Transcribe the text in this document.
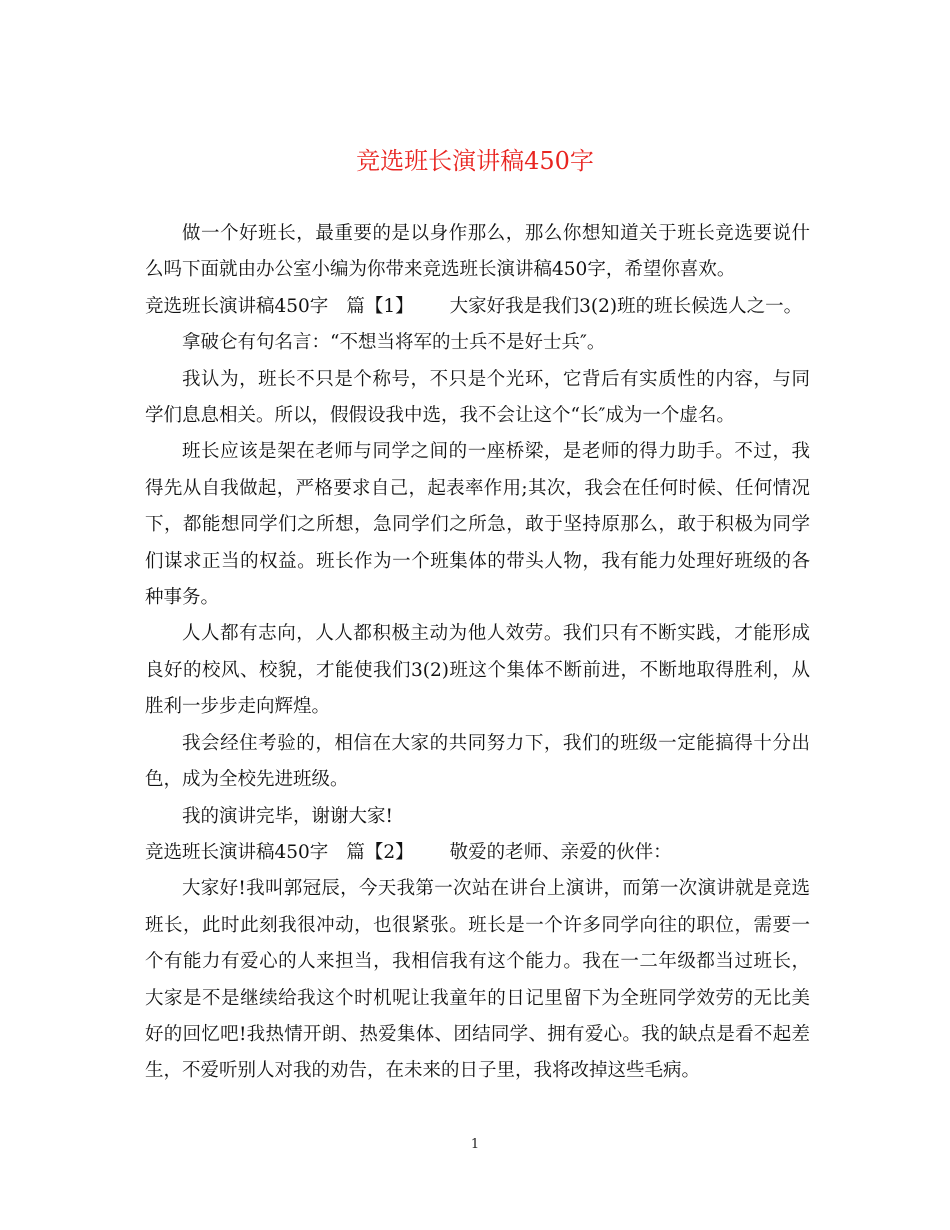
竞选班长演讲稿450字

做一个好班长，最重要的是以身作那么，那么你想知道关于班长竞选要说什么吗下面就由办公室小编为你带来竞选班长演讲稿450字，希望你喜欢。

竞选班长演讲稿450字 篇【1】 大家好我是我们3(2)班的班长候选人之一。

拿破仑有句名言：“不想当将军的士兵不是好士兵″。

我认为，班长不只是个称号，不只是个光环，它背后有实质性的内容，与同学们息息相关。所以，假假设我中选，我不会让这个“长″成为一个虚名。

班长应该是架在老师与同学之间的一座桥梁，是老师的得力助手。不过，我得先从自我做起，严格要求自己，起表率作用;其次，我会在任何时候、任何情况下，都能想同学们之所想，急同学们之所急，敢于坚持原那么，敢于积极为同学们谋求正当的权益。班长作为一个班集体的带头人物，我有能力处理好班级的各种事务。

人人都有志向，人人都积极主动为他人效劳。我们只有不断实践，才能形成良好的校风、校貌，才能使我们3(2)班这个集体不断前进，不断地取得胜利，从胜利一步步走向辉煌。

我会经住考验的，相信在大家的共同努力下，我们的班级一定能搞得十分出色，成为全校先进班级。

我的演讲完毕，谢谢大家!

竞选班长演讲稿450字 篇【2】 敬爱的老师、亲爱的伙伴：

大家好!我叫郭冠辰，今天我第一次站在讲台上演讲，而第一次演讲就是竞选班长，此时此刻我很冲动，也很紧张。班长是一个许多同学向往的职位，需要一个有能力有爱心的人来担当，我相信我有这个能力。我在一二年级都当过班长，大家是不是继续给我这个时机呢让我童年的日记里留下为全班同学效劳的无比美好的回忆吧!我热情开朗、热爱集体、团结同学、拥有爱心。我的缺点是看不起差生，不爱听别人对我的劝告，在未来的日子里，我将改掉这些毛病。

1
